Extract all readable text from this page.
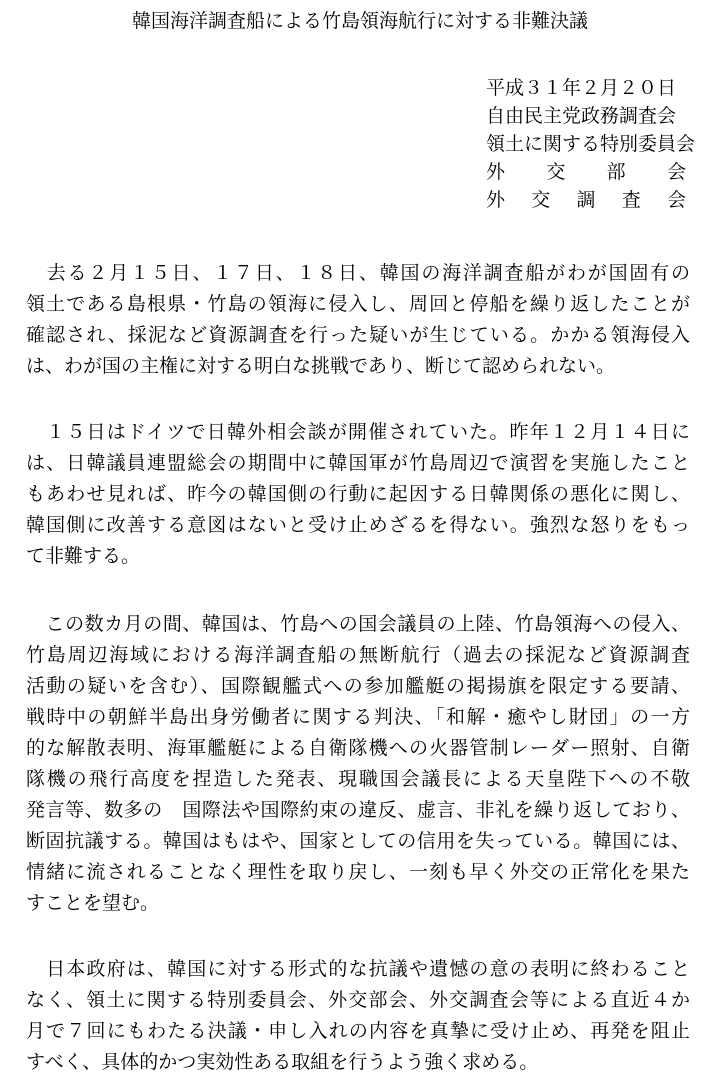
韓国海洋調査船による竹島領海航行に対する非難決議
平成３１年２月２０日
自由民主党政務調査会
領土に関する特別委員会
外交部会
外交調査会
　去る２月１５日、１７日、１８日、韓国の海洋調査船がわが国固有の
領土である島根県・竹島の領海に侵入し、周回と停船を繰り返したことが
確認され、採泥など資源調査を行った疑いが生じている。かかる領海侵入
は、わが国の主権に対する明白な挑戦であり、断じて認められない。
　１５日はドイツで日韓外相会談が開催されていた。昨年１２月１４日に
は、日韓議員連盟総会の期間中に韓国軍が竹島周辺で演習を実施したこと
もあわせ見れば、昨今の韓国側の行動に起因する日韓関係の悪化に関し、
韓国側に改善する意図はないと受け止めざるを得ない。強烈な怒りをもっ
て非難する。
　この数カ月の間、韓国は、竹島への国会議員の上陸、竹島領海への侵入、
竹島周辺海域における海洋調査船の無断航行（過去の採泥など資源調査
活動の疑いを含む）、国際観艦式への参加艦艇の掲揚旗を限定する要請、
戦時中の朝鮮半島出身労働者に関する判決、「和解・癒やし財団」の一方
的な解散表明、海軍艦艇による自衛隊機への火器管制レーダー照射、自衛
隊機の飛行高度を捏造した発表、現職国会議長による天皇陛下への不敬
発言等、数多の　国際法や国際約束の違反、虚言、非礼を繰り返しており、
断固抗議する。韓国はもはや、国家としての信用を失っている。韓国には、
情緒に流されることなく理性を取り戻し、一刻も早く外交の正常化を果た
すことを望む。
　日本政府は、韓国に対する形式的な抗議や遺憾の意の表明に終わること
なく、領土に関する特別委員会、外交部会、外交調査会等による直近４か
月で７回にもわたる決議・申し入れの内容を真摯に受け止め、再発を阻止
すべく、具体的かつ実効性ある取組を行うよう強く求める。
